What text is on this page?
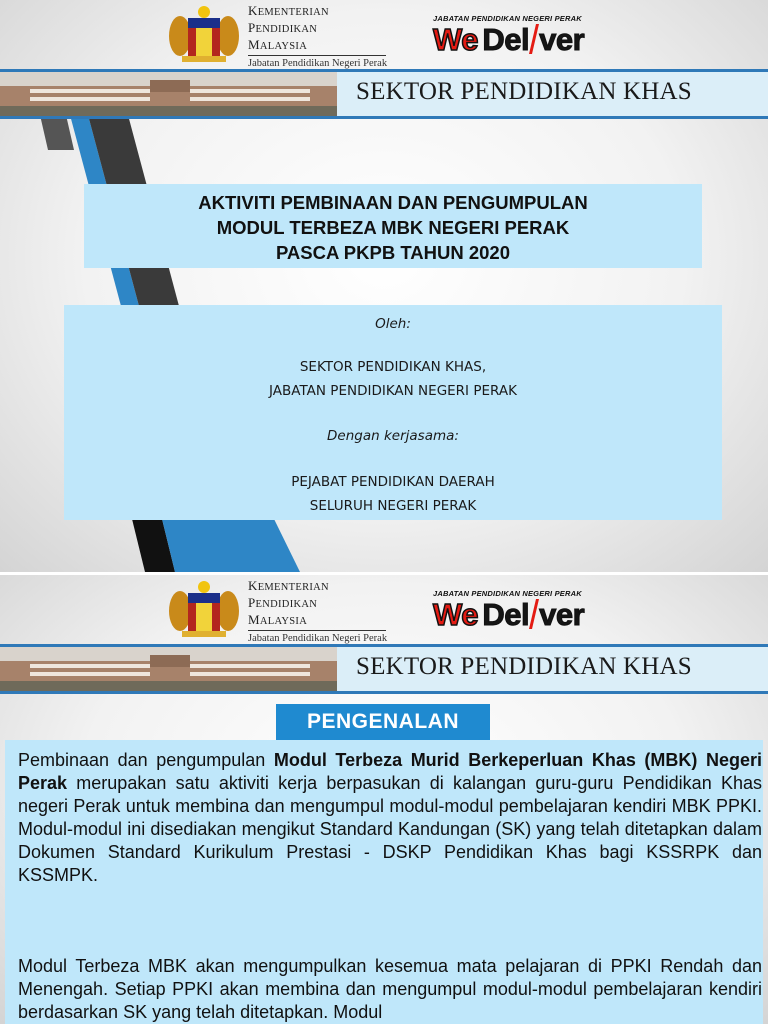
KEMENTERIAN
PENDIDIKAN
MALAYSIA
Jabatan Pendidikan Negeri Perak
JABATAN PENDIDIKAN NEGERI PERAK
We Del ver
SEKTOR PENDIDIKAN KHAS
AKTIVITI PEMBINAAN DAN PENGUMPULAN
MODUL TERBEZA MBK NEGERI PERAK
PASCA PKPB TAHUN 2020
Oleh:
SEKTOR PENDIDIKAN KHAS,
JABATAN PENDIDIKAN NEGERI PERAK
Dengan kerjasama:
PEJABAT PENDIDIKAN DAERAH
SELURUH NEGERI PERAK
KEMENTERIAN
PENDIDIKAN
MALAYSIA
Jabatan Pendidikan Negeri Perak
JABATAN PENDIDIKAN NEGERI PERAK
We Del ver
SEKTOR PENDIDIKAN KHAS
PENGENALAN
Pembinaan dan pengumpulan Modul Terbeza Murid Berkeperluan Khas (MBK) Negeri Perak merupakan satu aktiviti kerja berpasukan di kalangan guru-guru Pendidikan Khas negeri Perak untuk membina dan mengumpul modul-modul pembelajaran kendiri MBK PPKI. Modul-modul ini disediakan mengikut Standard Kandungan (SK) yang telah ditetapkan dalam Dokumen Standard Kurikulum Prestasi - DSKP Pendidikan Khas bagi KSSRPK dan KSSMPK.
Modul Terbeza MBK akan mengumpulkan kesemua mata pelajaran di PPKI Rendah dan Menengah. Setiap PPKI akan membina dan mengumpul modul-modul pembelajaran kendiri berdasarkan SK yang telah ditetapkan. Modul
